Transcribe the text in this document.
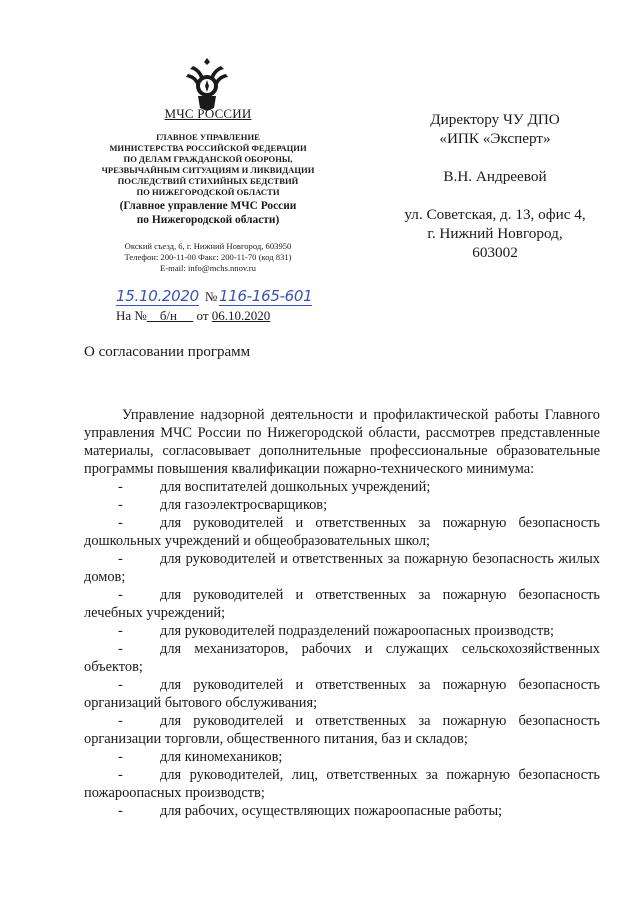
МЧС РОССИИ
ГЛАВНОЕ УПРАВЛЕНИЕ
МИНИСТЕРСТВА РОССИЙСКОЙ ФЕДЕРАЦИИ
ПО ДЕЛАМ ГРАЖДАНСКОЙ ОБОРОНЫ,
ЧРЕЗВЫЧАЙНЫМ СИТУАЦИЯМ И ЛИКВИДАЦИИ
ПОСЛЕДСТВИЙ СТИХИЙНЫХ БЕДСТВИЙ
ПО НИЖЕГОРОДСКОЙ ОБЛАСТИ
(Главное управление МЧС России
по Нижегородской области)
Окский съезд, 6, г. Нижний Новгород, 603950
Телефон: 200-11-00 Факс: 200-11-70 (код 831)
E-mail: info@mchs.nnov.ru
15.10.2020 № 116-165-601
На № б/н от 06.10.2020
Директору ЧУ ДПО
«ИПК «Эксперт»
В.Н. Андреевой
ул. Советская, д. 13, офис 4,
г. Нижний Новгород,
603002
О согласовании программ

Управление надзорной деятельности и профилактической работы Главного управления МЧС России по Нижегородской области, рассмотрев представленные материалы, согласовывает дополнительные профессиональные образовательные программы повышения квалификации пожарно-технического минимума:

-	для воспитателей дошкольных учреждений;

-	для газоэлектросварщиков;

-	для руководителей и ответственных за пожарную безопасность дошкольных учреждений и общеобразовательных школ;

-	для руководителей и ответственных за пожарную безопасность жилых домов;

-	для руководителей и ответственных за пожарную безопасность лечебных учреждений;

-	для руководителей подразделений пожароопасных производств;

-	для механизаторов, рабочих и служащих сельскохозяйственных объектов;

-	для руководителей и ответственных за пожарную безопасность организаций бытового обслуживания;

-	для руководителей и ответственных за пожарную безопасность организации торговли, общественного питания, баз и складов;

-	для киномехаников;

-	для руководителей, лиц, ответственных за пожарную безопасность пожароопасных производств;

-	для рабочих, осуществляющих пожароопасные работы;
